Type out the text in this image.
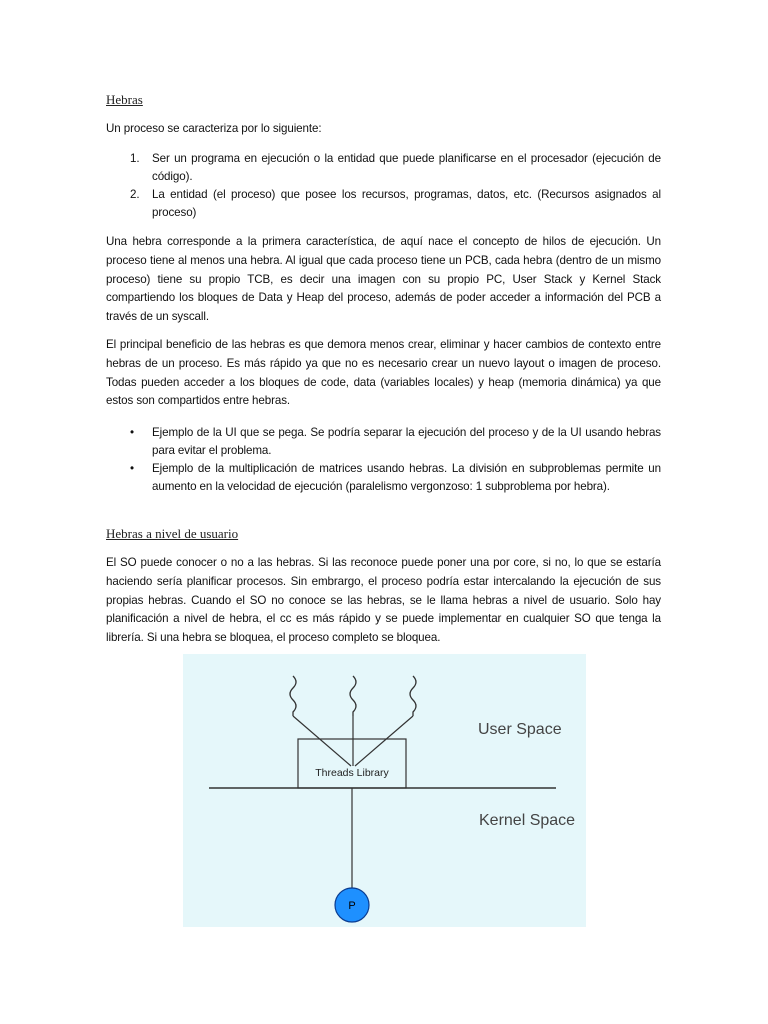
Hebras
Un proceso se caracteriza por lo siguiente:
1.	Ser un programa en ejecución o la entidad que puede planificarse en el procesador (ejecución de código).
2.	La entidad (el proceso) que posee los recursos, programas, datos, etc. (Recursos asignados al proceso)
Una hebra corresponde a la primera característica, de aquí nace el concepto de hilos de ejecución. Un proceso tiene al menos una hebra. Al igual que cada proceso tiene un PCB, cada hebra (dentro de un mismo proceso) tiene su propio TCB, es decir una imagen con su propio PC, User Stack y Kernel Stack compartiendo los bloques de Data y Heap del proceso, además de poder acceder a información del PCB a través de un syscall.
El principal beneficio de las hebras es que demora menos crear, eliminar y hacer cambios de contexto entre hebras de un proceso. Es más rápido ya que no es necesario crear un nuevo layout o imagen de proceso. Todas pueden acceder a los bloques de code, data (variables locales) y heap (memoria dinámica) ya que estos son compartidos entre hebras.
•	Ejemplo de la UI que se pega. Se podría separar la ejecución del proceso y de la UI usando hebras para evitar el problema.
•	Ejemplo de la multiplicación de matrices usando hebras. La división en subproblemas permite un aumento en la velocidad de ejecución (paralelismo vergonzoso: 1 subproblema por hebra).
Hebras a nivel de usuario
El SO puede conocer o no a las hebras. Si las reconoce puede poner una por core, si no, lo que se estaría haciendo sería planificar procesos. Sin embrargo, el proceso podría estar intercalando la ejecución de sus propias hebras. Cuando el SO no conoce se las hebras, se le llama hebras a nivel de usuario. Solo hay planificación a nivel de hebra, el cc es más rápido y se puede implementar en cualquier SO que tenga la librería. Si una hebra se bloquea, el proceso completo se bloquea.
Threads Library
User Space
Kernel Space
P
